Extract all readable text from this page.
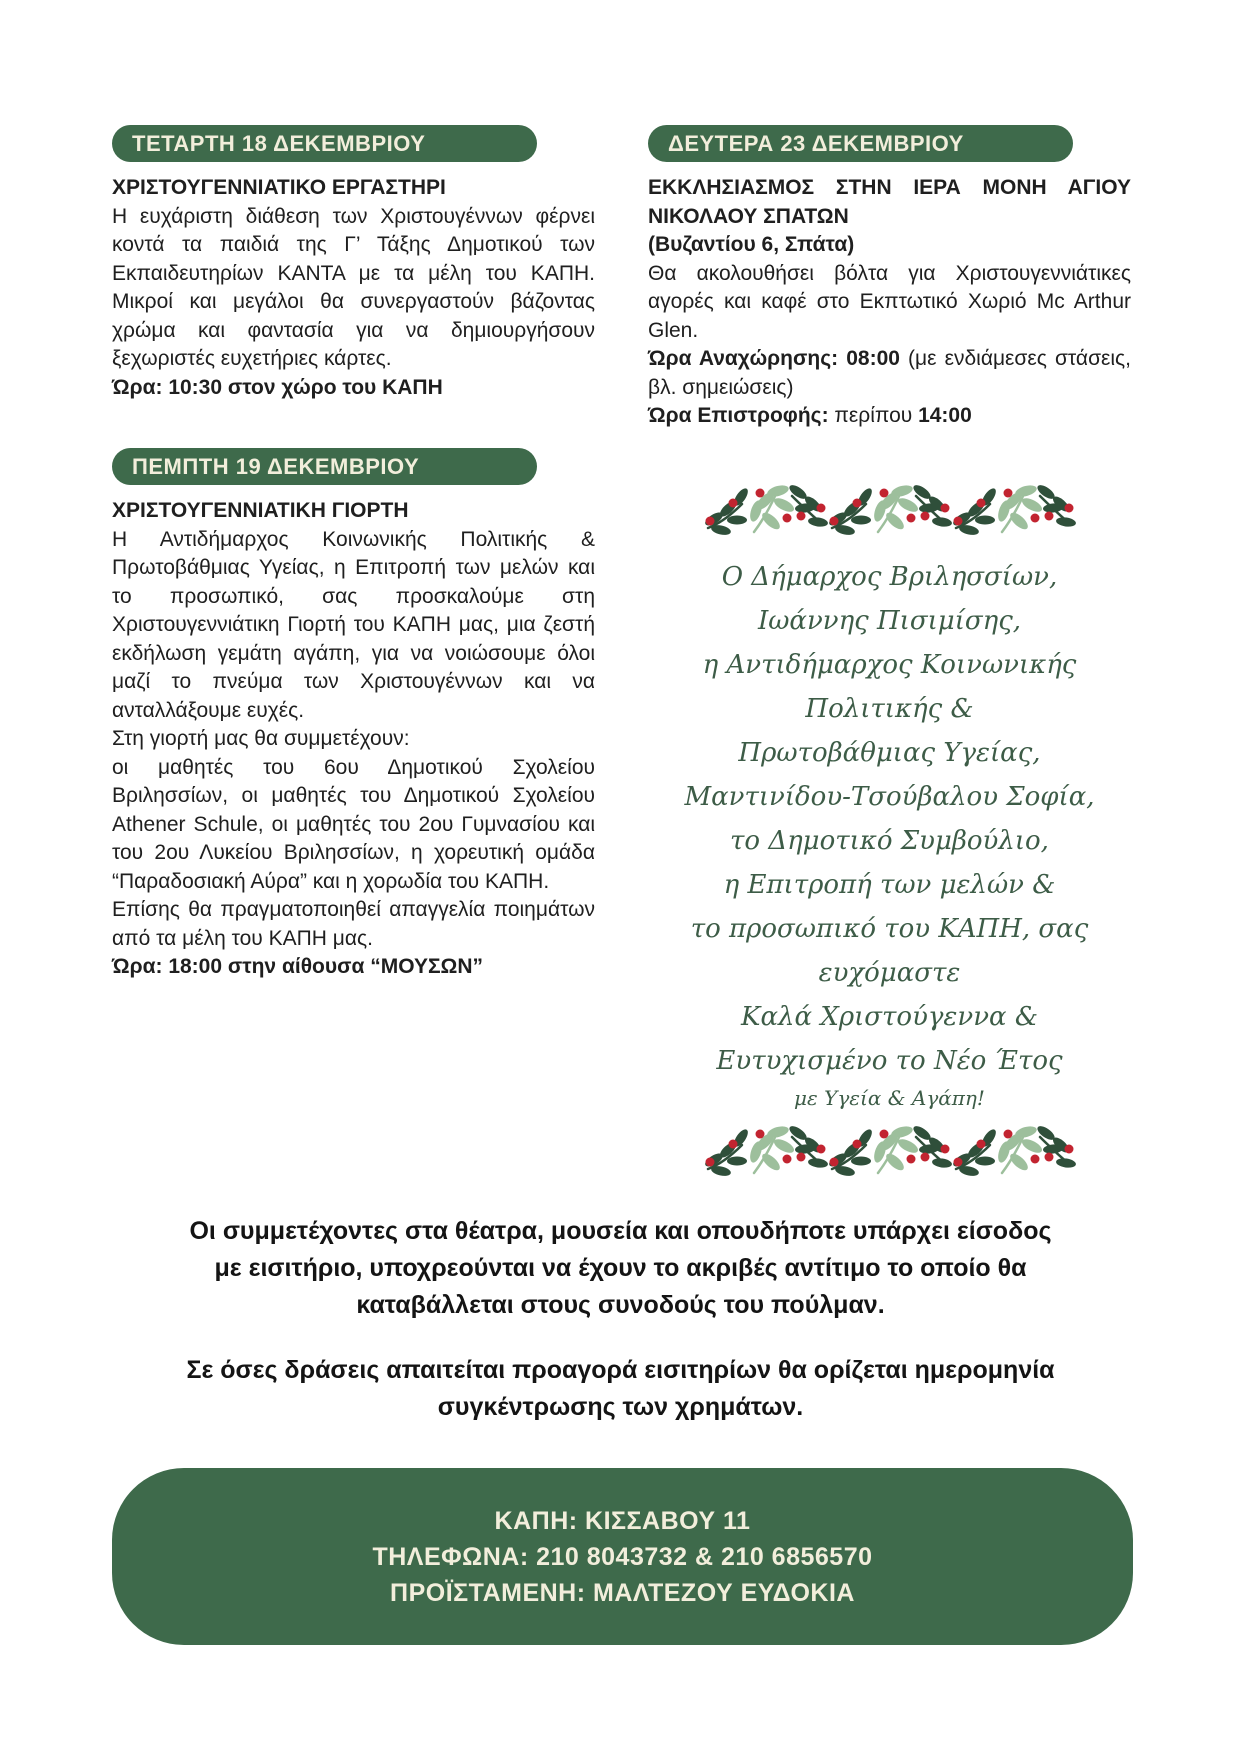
ΤΕΤΑΡΤΗ 18 ΔΕΚΕΜΒΡΙΟΥ

ΧΡΙΣΤΟΥΓΕΝΝΙΑΤΙΚΟ ΕΡΓΑΣΤΗΡΙ

Η ευχάριστη διάθεση των Χριστουγέννων φέρνει κοντά τα παιδιά της Γ’ Τάξης Δημοτικού των Εκπαιδευτηρίων ΚΑΝΤΑ με τα μέλη του ΚΑΠΗ. Μικροί και μεγάλοι θα συνεργαστούν βάζοντας χρώμα και φαντασία για να δημιουργήσουν ξεχωριστές ευχετήριες κάρτες.

Ώρα: 10:30 στον χώρο του ΚΑΠΗ

ΠΕΜΠΤΗ 19 ΔΕΚΕΜΒΡΙΟΥ

ΧΡΙΣΤΟΥΓΕΝΝΙΑΤΙΚΗ ΓΙΟΡΤΗ

Η Αντιδήμαρχος Κοινωνικής Πολιτικής & Πρωτοβάθμιας Υγείας, η Επιτροπή των μελών και το προσωπικό, σας προσκαλούμε στη Χριστουγεννιάτικη Γιορτή του ΚΑΠΗ μας, μια ζεστή εκδήλωση γεμάτη αγάπη, για να νοιώσουμε όλοι μαζί το πνεύμα των Χριστουγέννων και να ανταλλάξουμε ευχές.

Στη γιορτή μας θα συμμετέχουν:

οι μαθητές του 6ου Δημοτικού Σχολείου Βριλησσίων, οι μαθητές του Δημοτικού Σχολείου Athener Schule, οι μαθητές του 2ου Γυμνασίου και του 2ου Λυκείου Βριλησσίων, η χορευτική ομάδα “Παραδοσιακή Αύρα” και η χορωδία του ΚΑΠΗ.

Επίσης θα πραγματοποιηθεί απαγγελία ποιημάτων από τα μέλη του ΚΑΠΗ μας.

Ώρα: 18:00 στην αίθουσα “ΜΟΥΣΩΝ”

ΔΕΥΤΕΡΑ 23 ΔΕΚΕΜΒΡΙΟΥ

ΕΚΚΛΗΣΙΑΣΜΟΣ ΣΤΗΝ ΙΕΡΑ ΜΟΝΗ ΑΓΙΟΥ ΝΙΚΟΛΑΟΥ ΣΠΑΤΩΝ

(Βυζαντίου 6, Σπάτα)

Θα ακολουθήσει βόλτα για Χριστουγεννιάτικες αγορές και καφέ στο Εκπτωτικό Χωριό Mc Arthur Glen.

Ώρα Αναχώρησης: 08:00 (με ενδιάμεσες στάσεις, βλ. σημειώσεις)

Ώρα Επιστροφής: περίπου 14:00

Ο Δήμαρχος Βριλησσίων,
Ιωάννης Πισιμίσης,
η Αντιδήμαρχος Κοινωνικής Πολιτικής &
Πρωτοβάθμιας Υγείας,
Μαντινίδου-Τσούβαλου Σοφία,
το Δημοτικό Συμβούλιο,
η Επιτροπή των μελών &
το προσωπικό του ΚΑΠΗ, σας ευχόμαστε
Καλά Χριστούγεννα &
Ευτυχισμένο το Νέο Έτος
με Υγεία & Αγάπη!
Οι συμμετέχοντες στα θέατρα, μουσεία και οπουδήποτε υπάρχει είσοδος
με εισιτήριο, υποχρεούνται να έχουν το ακριβές αντίτιμο το οποίο θα
καταβάλλεται στους συνοδούς του πούλμαν.
Σε όσες δράσεις απαιτείται προαγορά εισιτηρίων θα ορίζεται ημερομηνία
συγκέντρωσης των χρημάτων.
ΚΑΠΗ: ΚΙΣΣΑΒΟΥ 11
ΤΗΛΕΦΩΝΑ: 210 8043732 & 210 6856570
ΠΡΟΪΣΤΑΜΕΝΗ: ΜΑΛΤΕΖΟΥ ΕΥΔΟΚΙΑ
